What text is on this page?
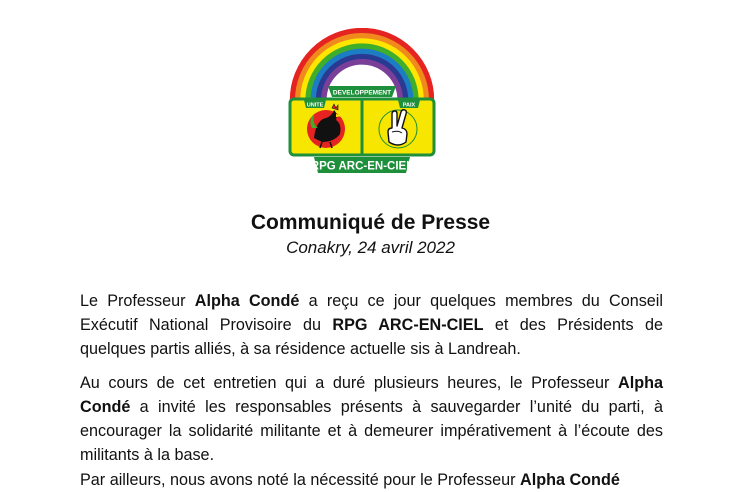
DEVELOPPEMENT
UNITE	PAIX
RPG ARC-EN-CIEL
Communiqué de Presse
Conakry, 24 avril 2022
Le Professeur Alpha Condé a reçu ce jour quelques membres du Conseil Exécutif National Provisoire du RPG ARC-EN-CIEL et des Présidents de quelques partis alliés, à sa résidence actuelle sis à Landreah.
Au cours de cet entretien qui a duré plusieurs heures, le Professeur Alpha Condé a invité les responsables présents à sauvegarder l’unité du parti, à encourager la solidarité militante et à demeurer impérativement à l’écoute des militants à la base.
Par ailleurs, nous avons noté la nécessité pour le Professeur Alpha Condé
